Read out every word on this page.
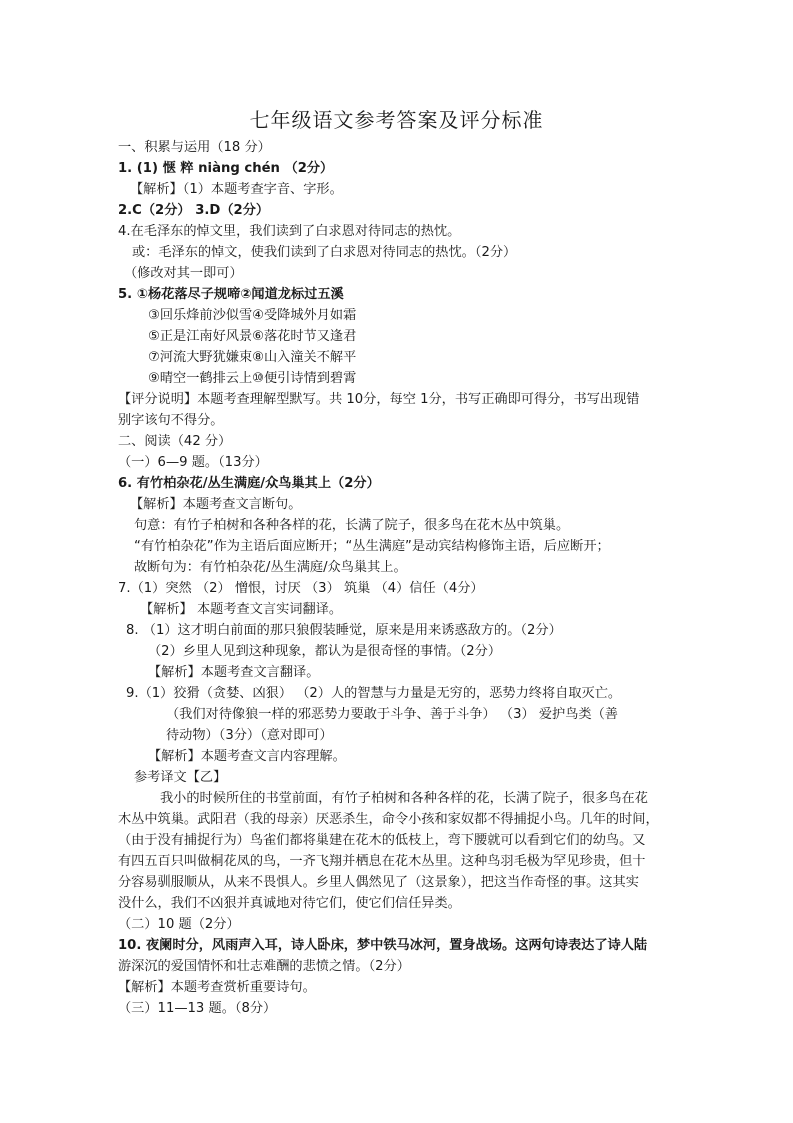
七年级语文参考答案及评分标准
一、积累与运用（18 分）
1. (1) 惬 粹 niàng chén （2分）
【解析】（1）本题考查字音、字形。
2.C（2分） 3.D（2分）
4.在毛泽东的悼文里，我们读到了白求恩对待同志的热忱。
或：毛泽东的悼文，使我们读到了白求恩对待同志的热忱。（2分）
（修改对其一即可）
5. ①杨花落尽子规啼②闻道龙标过五溪
③回乐烽前沙似雪④受降城外月如霜
⑤正是江南好风景⑥落花时节又逢君
⑦河流大野犹嫌束⑧山入潼关不解平
⑨晴空一鹤排云上⑩便引诗情到碧霄
【评分说明】本题考查理解型默写。共 10分，每空 1分，书写正确即可得分，书写出现错
别字该句不得分。
二、阅读（42 分）
（一）6—9 题。（13分）
6. 有竹柏杂花/丛生满庭/众鸟巢其上（2分）
【解析】本题考查文言断句。
句意：有竹子柏树和各种各样的花，长满了院子，很多鸟在花木丛中筑巢。
“有竹柏杂花”作为主语后面应断开；“丛生满庭”是动宾结构修饰主语，后应断开；
故断句为：有竹柏杂花/丛生满庭/众鸟巢其上。
7.（1）突然 （2） 憎恨，讨厌 （3） 筑巢 （4）信任（4分）
【解析】 本题考查文言实词翻译。
8. （1）这才明白前面的那只狼假装睡觉，原来是用来诱惑敌方的。（2分）
（2）乡里人见到这种现象，都认为是很奇怪的事情。（2分）
【解析】本题考查文言翻译。
9.（1）狡猾（贪婪、凶狠） （2）人的智慧与力量是无穷的，恶势力终将自取灭亡。
（我们对待像狼一样的邪恶势力要敢于斗争、善于斗争） （3） 爱护鸟类（善
待动物）（3分）（意对即可）
【解析】本题考查文言内容理解。
参考译文【乙】
我小的时候所住的书堂前面，有竹子柏树和各种各样的花，长满了院子，很多鸟在花
木丛中筑巢。武阳君（我的母亲）厌恶杀生，命令小孩和家奴都不得捕捉小鸟。几年的时间，
（由于没有捕捉行为）鸟雀们都将巢建在花木的低枝上，弯下腰就可以看到它们的幼鸟。又
有四五百只叫做桐花凤的鸟，一齐飞翔并栖息在花木丛里。这种鸟羽毛极为罕见珍贵，但十
分容易驯服顺从，从来不畏惧人。乡里人偶然见了（这景象），把这当作奇怪的事。这其实
没什么，我们不凶狠并真诚地对待它们，使它们信任异类。
（二）10 题（2分）
10. 夜阑时分，风雨声入耳，诗人卧床，梦中铁马冰河，置身战场。这两句诗表达了诗人陆
游深沉的爱国情怀和壮志难酬的悲愤之情。（2分）
【解析】本题考查赏析重要诗句。
（三）11—13 题。（8分）
